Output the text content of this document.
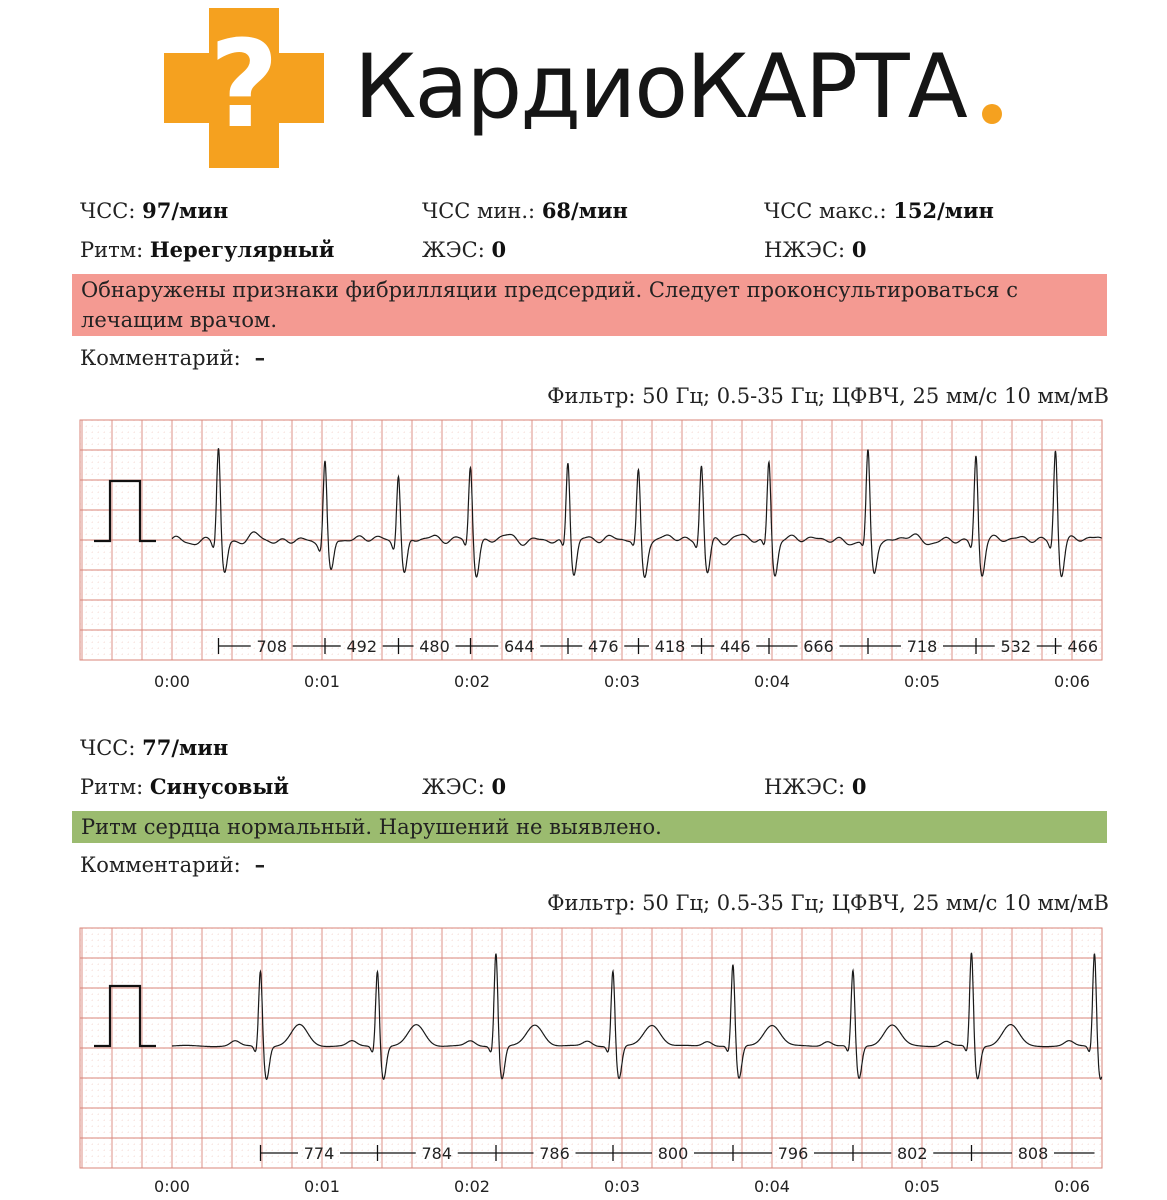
? КардиоКАРТА
ЧСС: 97/мин	ЧСС мин.: 68/мин	ЧСС макс.: 152/мин
Ритм: Нерегулярный	ЖЭС: 0	НЖЭС: 0
Обнаружены признаки фибрилляции предсердий. Следует проконсультироваться с лечащим врачом.
Комментарий: –
Фильтр: 50 Гц; 0.5-35 Гц; ЦФВЧ, 25 мм/с 10 мм/мВ
708	492	480	644	476 418 446	666	718	532 466
0:00	0:01	0:02	0:03	0:04	0:05	0:06
ЧСС: 77/мин
Ритм: Синусовый	ЖЭС: 0	НЖЭС: 0
Ритм сердца нормальный. Нарушений не выявлено.
Комментарий: –
Фильтр: 50 Гц; 0.5-35 Гц; ЦФВЧ, 25 мм/с 10 мм/мВ
774	784	786	800	796	802	808
0:00	0:01	0:02	0:03	0:04	0:05	0:06
